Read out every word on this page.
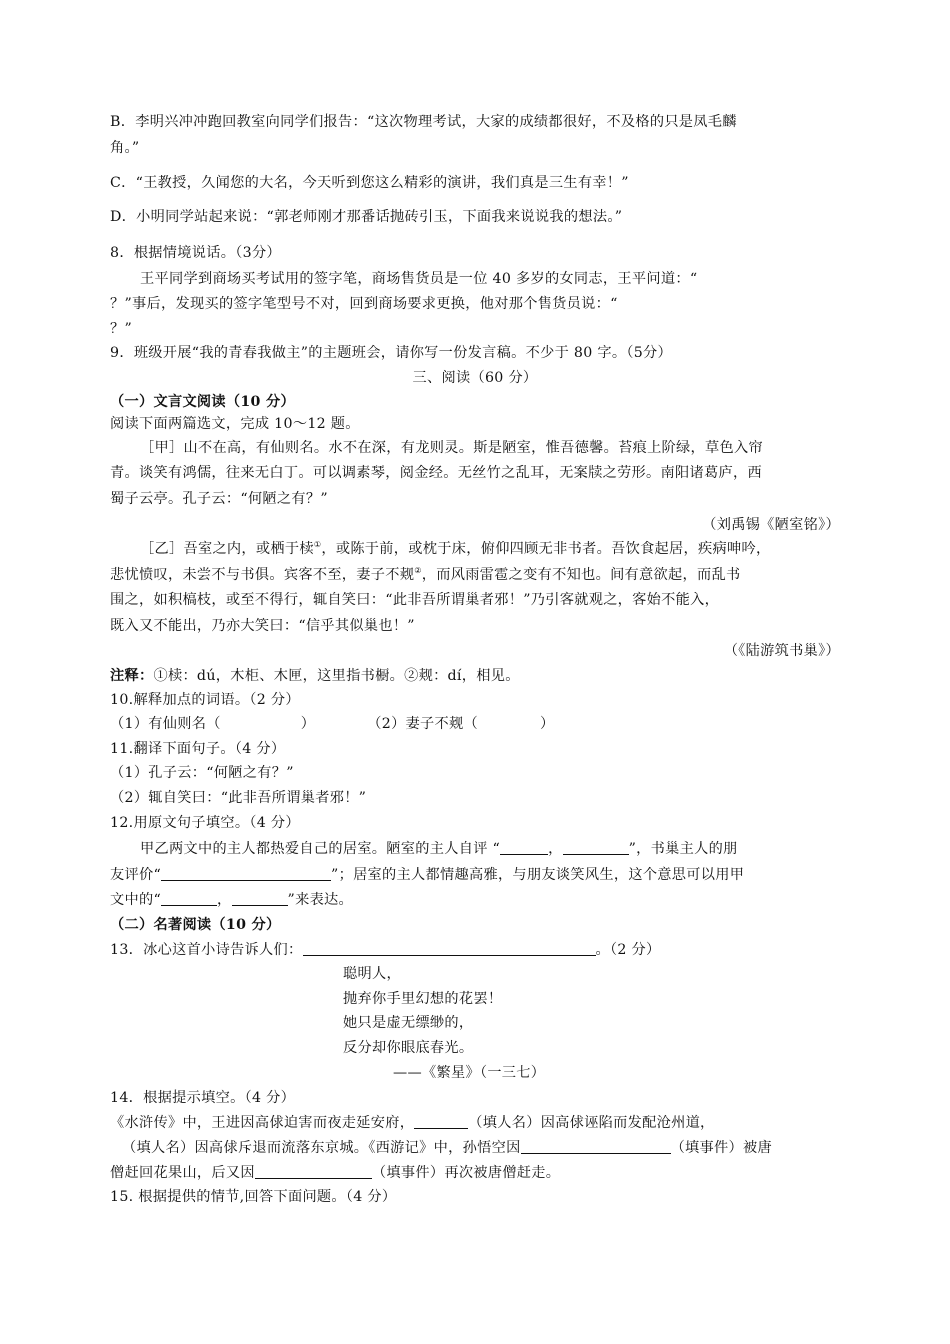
B．李明兴冲冲跑回教室向同学们报告：“这次物理考试，大家的成绩都很好，不及格的只是凤毛麟
角。”
C．“王教授，久闻您的大名，今天听到您这么精彩的演讲，我们真是三生有幸！”
D．小明同学站起来说：“郭老师刚才那番话抛砖引玉，下面我来说说我的想法。”
8．根据情境说话。（3分）
王平同学到商场买考试用的签字笔，商场售货员是一位 40 多岁的女同志，王平问道：“
？”事后，发现买的签字笔型号不对，回到商场要求更换，他对那个售货员说：“
？”
9．班级开展“我的青春我做主”的主题班会，请你写一份发言稿。不少于 80 字。（5分）
三、阅读（60 分）
（一）文言文阅读（10 分）
阅读下面两篇选文，完成 10～12 题。
［甲］山不在高，有仙则名。水不在深，有龙则灵。斯是陋室，惟吾德馨。苔痕上阶绿，草色入帘
青。谈笑有鸿儒，往来无白丁。可以调素琴，阅金经。无丝竹之乱耳，无案牍之劳形。南阳诸葛庐，西
蜀子云亭。孔子云：“何陋之有？”
（刘禹锡《陋室铭》）
［乙］吾室之内，或栖于椟①，或陈于前，或枕于床，俯仰四顾无非书者。吾饮食起居，疾病呻吟，
悲忧愤叹，未尝不与书俱。宾客不至，妻子不觌②，而风雨雷雹之变有不知也。间有意欲起，而乱书
围之，如积槁枝，或至不得行，辄自笑曰：“此非吾所谓巢者邪！”乃引客就观之，客始不能入，
既入又不能出，乃亦大笑曰：“信乎其似巢也！”
（《陆游筑书巢》）
注释：①椟：dú，木柜、木匣，这里指书橱。②觌：dí，相见。
10.解释加点的词语。（2 分）
（1）有仙则名（	）	（2）妻子不觌（	）
11.翻译下面句子。（4 分）
（1）孔子云：“何陋之有？”
（2）辄自笑曰：“此非吾所谓巢者邪！”
12.用原文句子填空。（4 分）
甲乙两文中的主人都热爱自己的居室。陋室的主人自评 “	，	”，书巢主人的朋
友评价“	”；居室的主人都情趣高雅，与朋友谈笑风生，这个意思可以用甲
文中的“	，	”来表达。
（二）名著阅读（10 分）
13．冰心这首小诗告诉人们：	。（2 分）
聪明人，
抛弃你手里幻想的花罢！
她只是虚无缥缈的，
反分却你眼底春光。
——《繁星》（一三七）
14．根据提示填空。（4 分）
《水浒传》中，王进因高俅迫害而夜走延安府，	（填人名）因高俅诬陷而发配沧州道，
（填人名）因高俅斥退而流落东京城。《西游记》中，孙悟空因	（填事件）被唐
僧赶回花果山，后又因	（填事件）再次被唐僧赶走。
15. 根据提供的情节,回答下面问题。（4 分）
